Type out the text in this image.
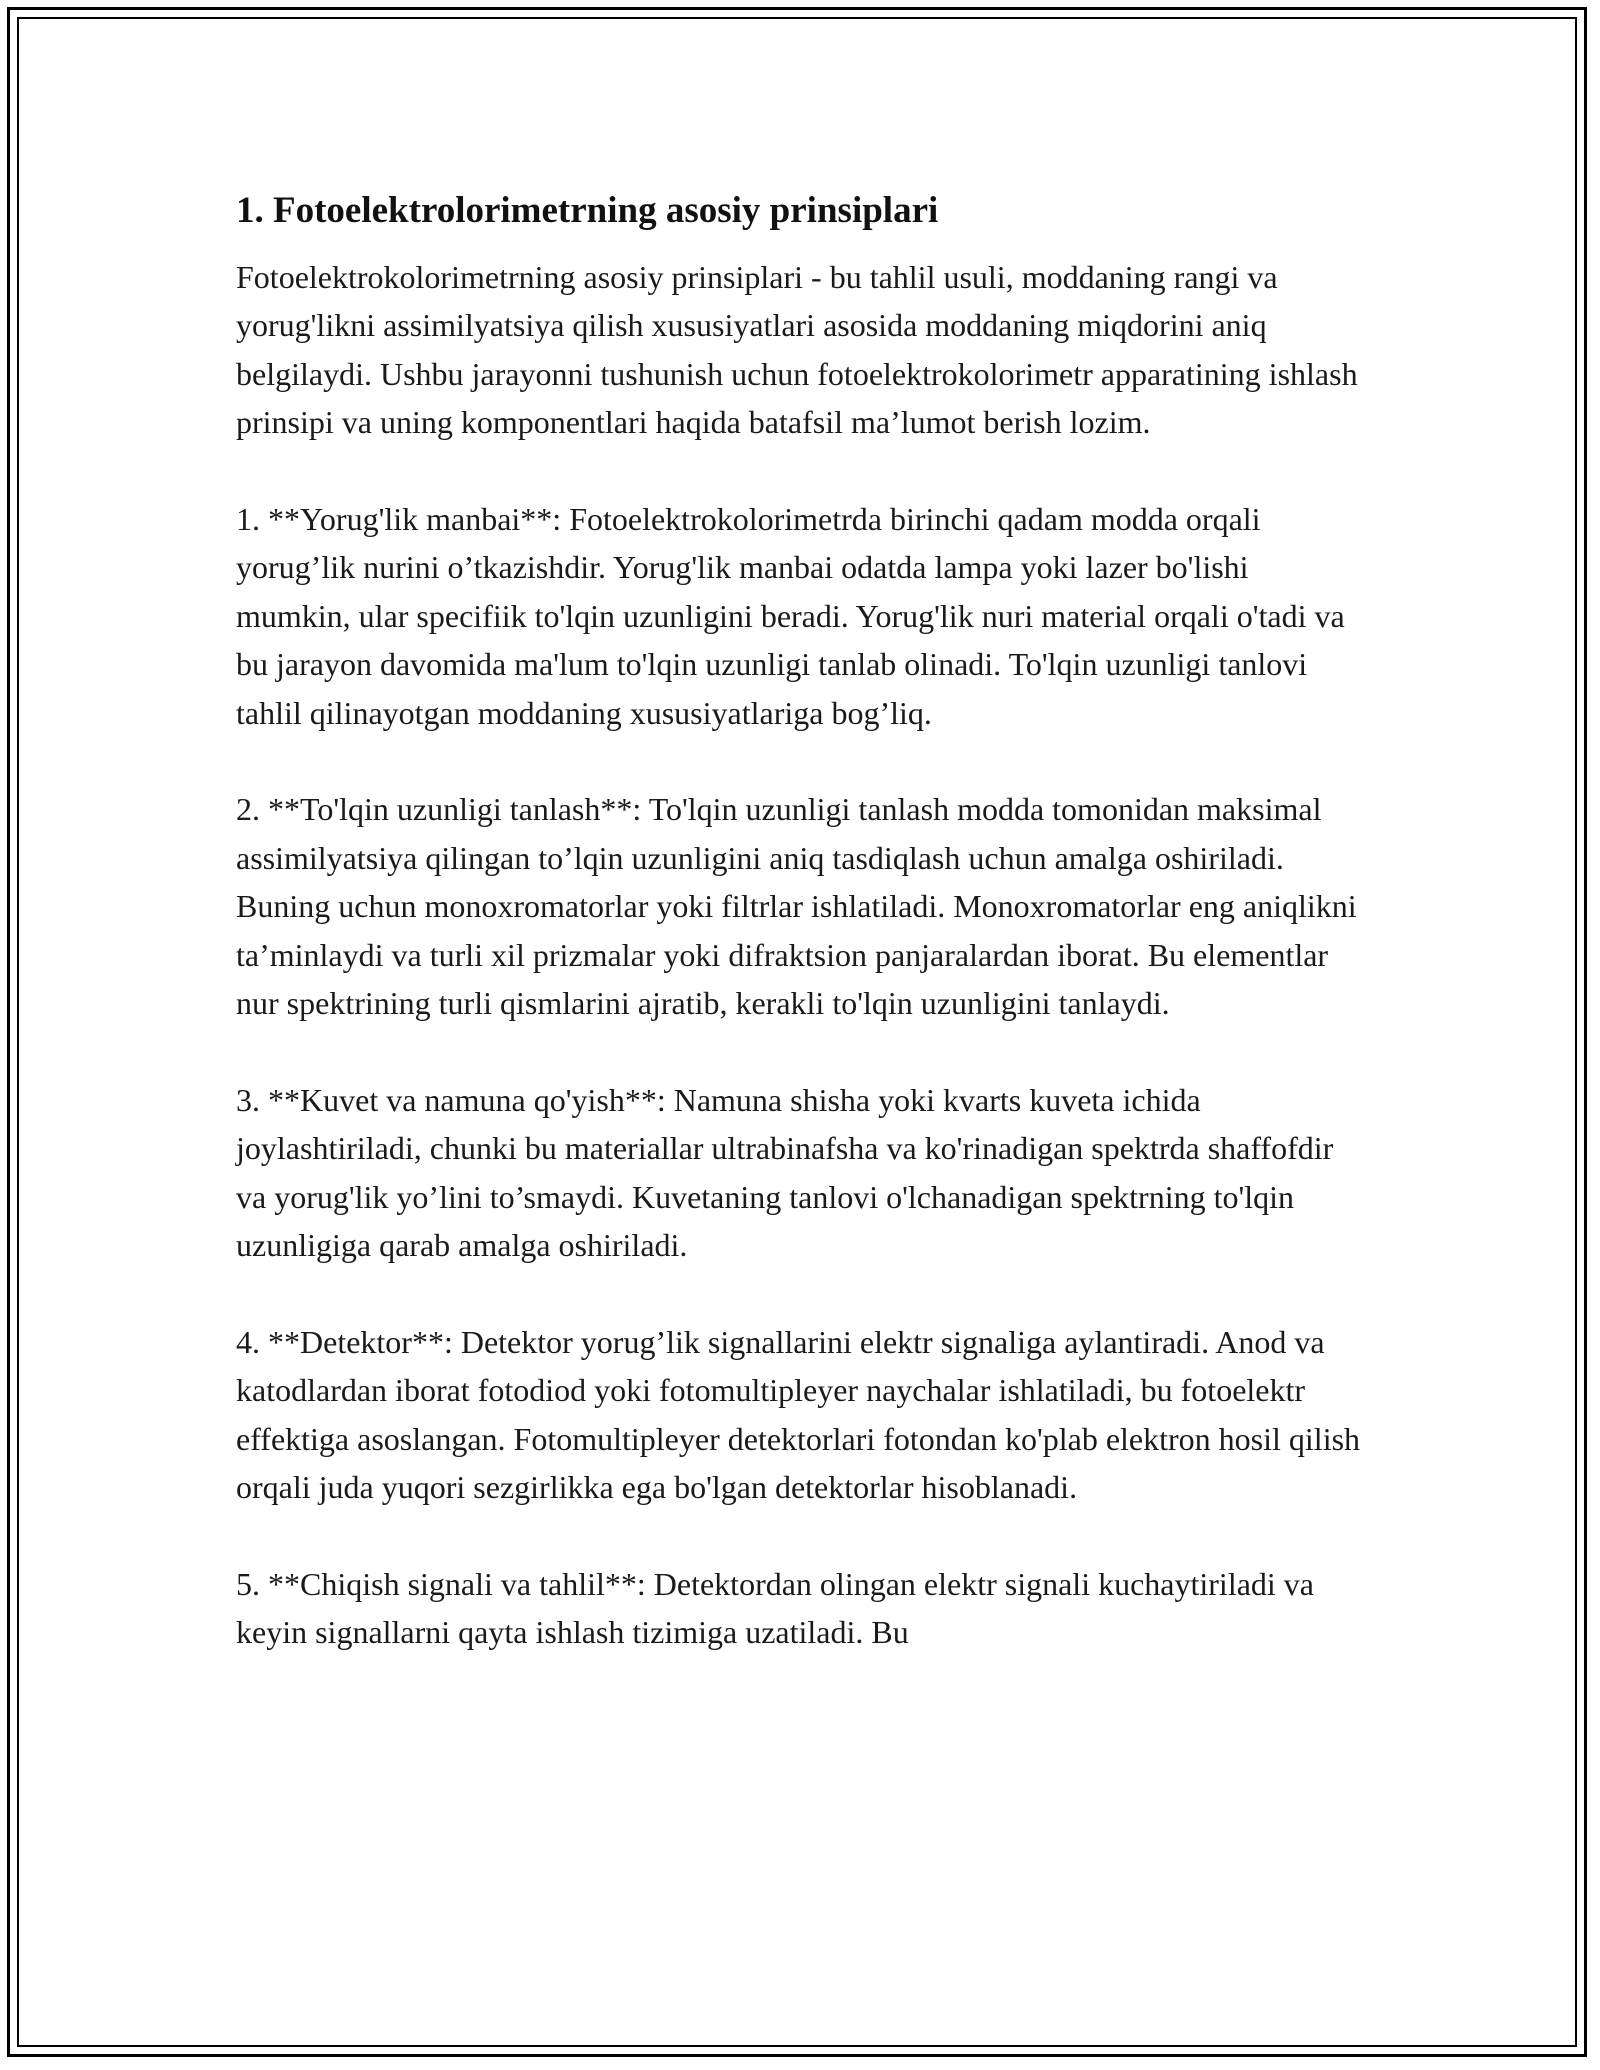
1. Fotoelektrolorimetrning asosiy prinsiplari

Fotoelektrokolorimetrning asosiy prinsiplari - bu tahlil usuli, moddaning rangi va yorug'likni assimilyatsiya qilish xususiyatlari asosida moddaning miqdorini aniq belgilaydi. Ushbu jarayonni tushunish uchun fotoelektrokolorimetr apparatining ishlash prinsipi va uning komponentlari haqida batafsil ma’lumot berish lozim.

1. **Yorug'lik manbai**: Fotoelektrokolorimetrda birinchi qadam modda orqali yorug’lik nurini o’tkazishdir. Yorug'lik manbai odatda lampa yoki lazer bo'lishi mumkin, ular specifiik to'lqin uzunligini beradi. Yorug'lik nuri material orqali o'tadi va bu jarayon davomida ma'lum to'lqin uzunligi tanlab olinadi. To'lqin uzunligi tanlovi tahlil qilinayotgan moddaning xususiyatlariga bog’liq.

2. **To'lqin uzunligi tanlash**: To'lqin uzunligi tanlash modda tomonidan maksimal assimilyatsiya qilingan to’lqin uzunligini aniq tasdiqlash uchun amalga oshiriladi. Buning uchun monoxromatorlar yoki filtrlar ishlatiladi. Monoxromatorlar eng aniqlikni ta’minlaydi va turli xil prizmalar yoki difraktsion panjaralardan iborat. Bu elementlar nur spektrining turli qismlarini ajratib, kerakli to'lqin uzunligini tanlaydi.

3. **Kuvet va namuna qo'yish**: Namuna shisha yoki kvarts kuveta ichida joylashtiriladi, chunki bu materiallar ultrabinafsha va ko'rinadigan spektrda shaffofdir va yorug'lik yo’lini to’smaydi. Kuvetaning tanlovi o'lchanadigan spektrning to'lqin uzunligiga qarab amalga oshiriladi.

4. **Detektor**: Detektor yorug’lik signallarini elektr signaliga aylantiradi. Anod va katodlardan iborat fotodiod yoki fotomultipleyer naychalar ishlatiladi, bu fotoelektr effektiga asoslangan. Fotomultipleyer detektorlari fotondan ko'plab elektron hosil qilish orqali juda yuqori sezgirlikka ega bo'lgan detektorlar hisoblanadi.

5. **Chiqish signali va tahlil**: Detektordan olingan elektr signali kuchaytiriladi va keyin signallarni qayta ishlash tizimiga uzatiladi. Bu
